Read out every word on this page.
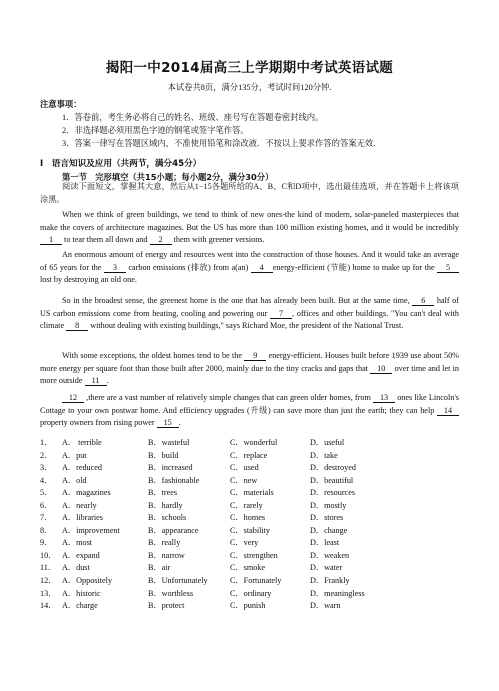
揭阳一中2014届高三上学期期中考试英语试题
本试卷共8页，满分135分，考试时间120分钟.
注意事项：
1．答卷前，考生务必将自己的姓名、班级、座号写在答题卷密封线内。
2．非选择题必须用黑色字迹的钢笔或签字笔作答。
3．答案一律写在答题区域内，不准使用铅笔和涂改液．不按以上要求作答的答案无效．
I　语言知识及应用（共两节，满分45分）
第一节　完形填空（共15小题；每小题2分，满分30分）

阅读下面短文，掌握其大意，然后从1−15各题所给的A、B、C和D项中，选出最佳选项，并在答题卡上将该项涂黑。

When we think of green buildings, we tend to think of new ones-the kind of modern, solar-paneled masterpieces that make the covers of architecture magazines. But the US has more than 100 million existing homes, and it would be incredibly 1 to tear them all down and 2 them with greener versions.

An enormous amount of energy and resources went into the construction of those houses. And it would take an average of 65 years for the 3 carbon emissions (排放) from a(an) 4 energy-efficient (节能) home to make up for the 5 lost by destroying an old one.

So in the broadest sense, the greenest home is the one that has already been built. But at the same time, 6 half of US carbon emissions come from heating, cooling and powering our 7 , offices and other buildings. "You can't deal with climate 8 without dealing with existing buildings," says Richard Moe, the president of the National Trust.

With some exceptions, the oldest homes tend to be the 9 energy-efficient. Houses built before 1939 use about 50% more energy per square foot than those built after 2000, mainly due to the tiny cracks and gaps that 10 over time and let in more outside 11 .

12 ,there are a vast number of relatively simple changes that can green older homes, from 13 ones like Lincoln's Cottage to your own postwar home. And efficiency upgrades (升级) can save more than just the earth; they can help 14 property owners from rising power 15 .

1． A． terrible	B．wasteful	C．wonderful	D．useful
2． A．put	B．build	C．replace	D．take
3． A．reduced	B．increased	C．used	D．destroyed
4． A．old	B．fashionable	C．new	D．beautiful
5． A．magazines	B．trees	C．materials	D．resources
6． A．nearly	B．hardly	C．rarely	D．mostly
7． A．libraries	B．schools	C．homes	D．stores
8． A．improvement	B．appearance	C．stability	D．change
9． A．most	B．really	C．very	D．least
10． A．expand	B．narrow	C．strengthen	D．weaken
11． A．dust	B．air	C．smoke	D．water
12． A．Oppositely	B．Unfortunately	C．Fortunately	D．Frankly
13． A．historic	B．worthless	C．ordinary	D．meaningless
14． A．charge	B．protect	C．punish	D．warn
